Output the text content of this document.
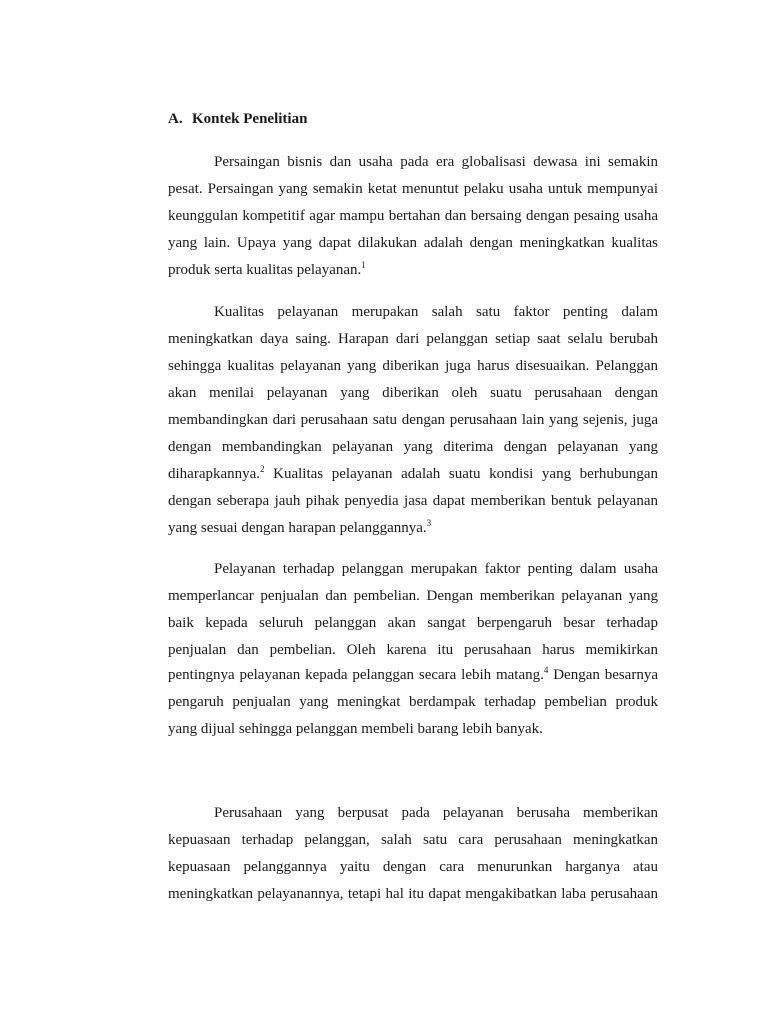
A. Kontek Penelitian
Persaingan bisnis dan usaha pada era globalisasi dewasa ini semakin
pesat. Persaingan yang semakin ketat menuntut pelaku usaha untuk mempunyai
keunggulan kompetitif agar mampu bertahan dan bersaing dengan pesaing usaha
yang lain. Upaya yang dapat dilakukan adalah dengan meningkatkan kualitas
produk serta kualitas pelayanan.$^1$
Kualitas pelayanan merupakan salah satu faktor penting dalam
meningkatkan daya saing. Harapan dari pelanggan setiap saat selalu berubah
sehingga kualitas pelayanan yang diberikan juga harus disesuaikan. Pelanggan
akan menilai pelayanan yang diberikan oleh suatu perusahaan dengan
membandingkan dari perusahaan satu dengan perusahaan lain yang sejenis, juga
dengan membandingkan pelayanan yang diterima dengan pelayanan yang
diharapkannya.$^2$ Kualitas pelayanan adalah suatu kondisi yang berhubungan
dengan seberapa jauh pihak penyedia jasa dapat memberikan bentuk pelayanan
yang sesuai dengan harapan pelanggannya.$^3$
Pelayanan terhadap pelanggan merupakan faktor penting dalam usaha
memperlancar penjualan dan pembelian. Dengan memberikan pelayanan yang
baik kepada seluruh pelanggan akan sangat berpengaruh besar terhadap
penjualan dan pembelian. Oleh karena itu perusahaan harus memikirkan
pentingnya pelayanan kepada pelanggan secara lebih matang.$^4$ Dengan besarnya
pengaruh penjualan yang meningkat berdampak terhadap pembelian produk
yang dijual sehingga pelanggan membeli barang lebih banyak.
Perusahaan yang berpusat pada pelayanan berusaha memberikan
kepuasaan terhadap pelanggan, salah satu cara perusahaan meningkatkan
kepuasaan pelanggannya yaitu dengan cara menurunkan harganya atau
meningkatkan pelayanannya, tetapi hal itu dapat mengakibatkan laba perusahaan
